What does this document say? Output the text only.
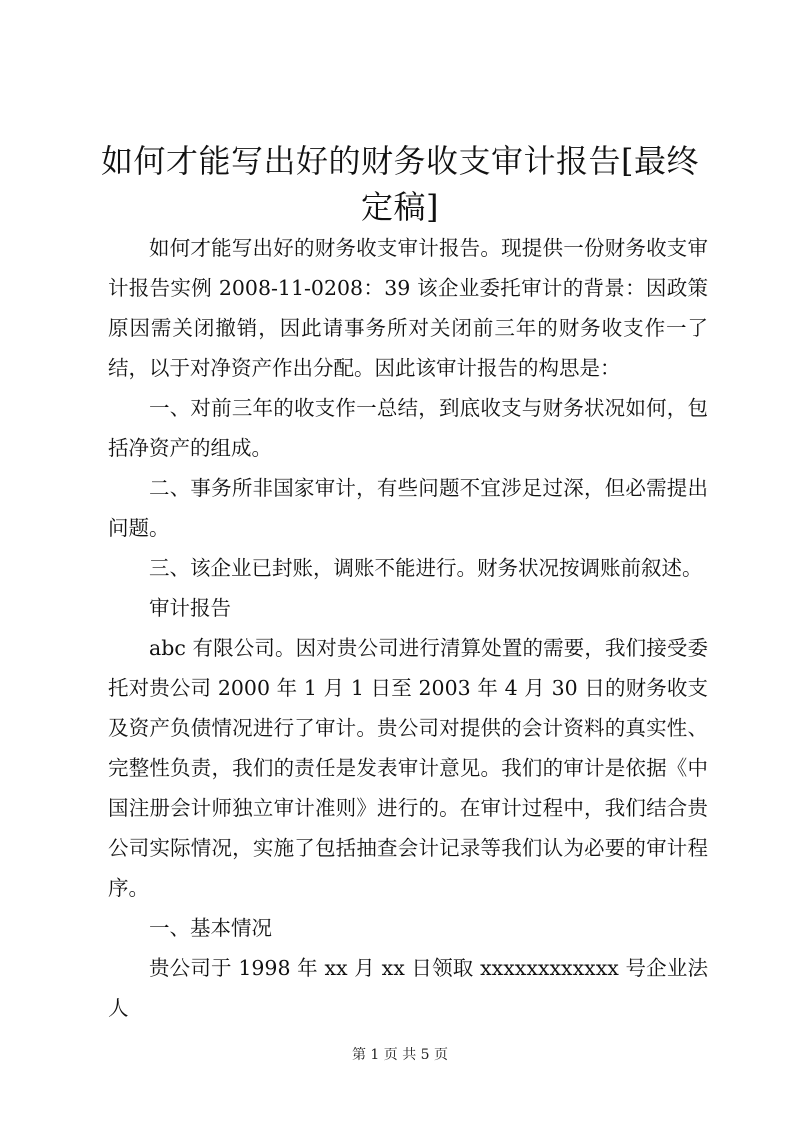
如何才能写出好的财务收支审计报告[最终定稿]

如何才能写出好的财务收支审计报告。现提供一份财务收支审计报告实例 2008-11-0208：39 该企业委托审计的背景：因政策原因需关闭撤销，因此请事务所对关闭前三年的财务收支作一了结，以于对净资产作出分配。因此该审计报告的构思是：

一、对前三年的收支作一总结，到底收支与财务状况如何，包括净资产的组成。

二、事务所非国家审计，有些问题不宜涉足过深，但必需提出问题。

三、该企业已封账，调账不能进行。财务状况按调账前叙述。

审计报告

abc 有限公司。因对贵公司进行清算处置的需要，我们接受委托对贵公司 2000 年 1 月 1 日至 2003 年 4 月 30 日的财务收支及资产负债情况进行了审计。贵公司对提供的会计资料的真实性、完整性负责，我们的责任是发表审计意见。我们的审计是依据《中国注册会计师独立审计准则》进行的。在审计过程中，我们结合贵公司实际情况，实施了包括抽查会计记录等我们认为必要的审计程序。

一、基本情况

贵公司于 1998 年 xx 月 xx 日领取 xxxxxxxxxxxx 号企业法人

第 1 页 共 5 页
